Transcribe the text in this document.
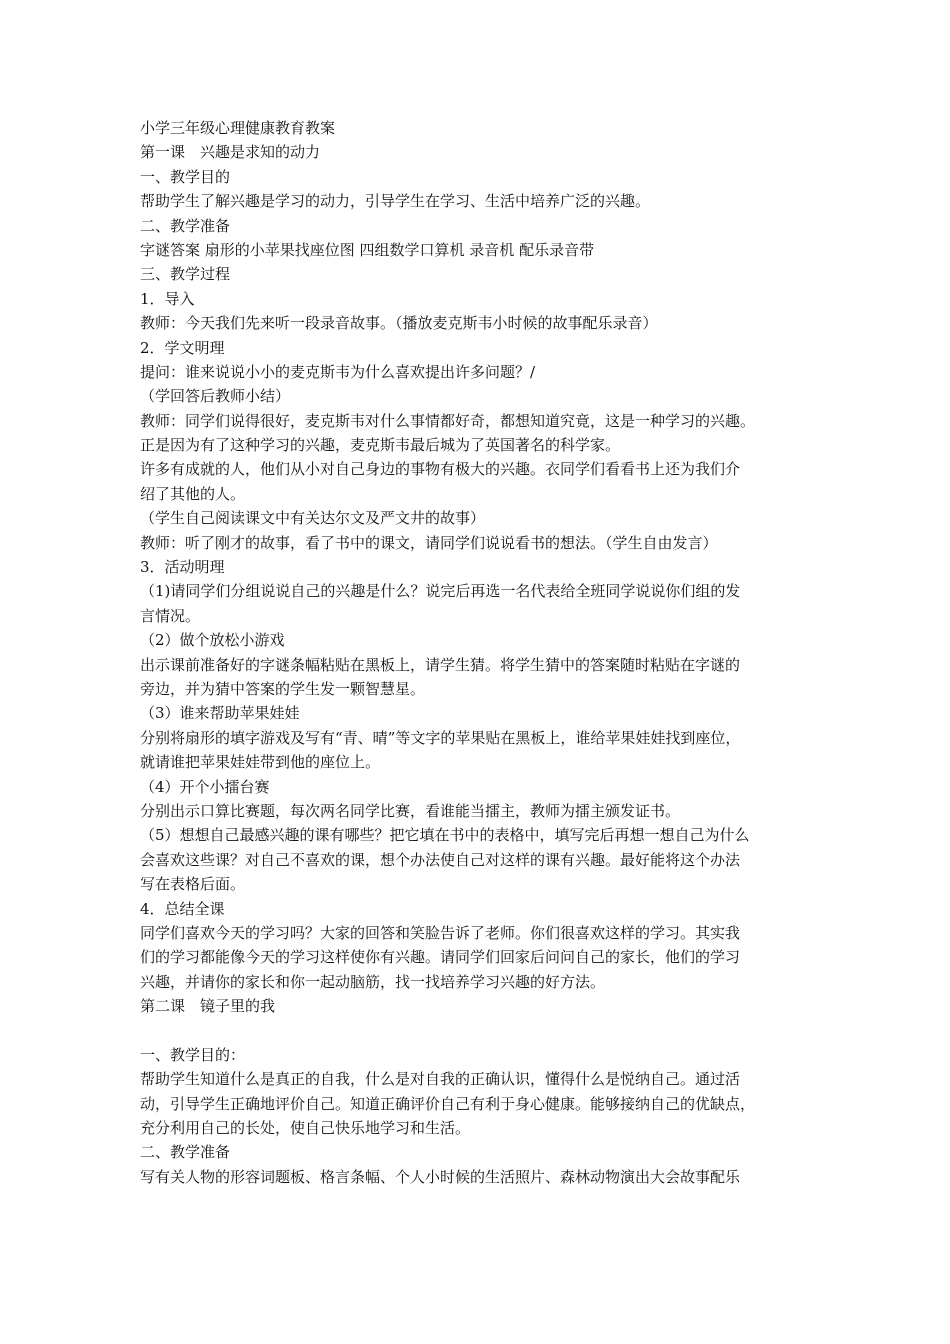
小学三年级心理健康教育教案
第一课　兴趣是求知的动力
一、教学目的
帮助学生了解兴趣是学习的动力，引导学生在学习、生活中培养广泛的兴趣。
二、教学准备
字谜答案 扇形的小苹果找座位图 四组数学口算机 录音机 配乐录音带
三、教学过程
1．导入
教师：今天我们先来听一段录音故事。（播放麦克斯韦小时候的故事配乐录音）
2．学文明理
提问：谁来说说小小的麦克斯韦为什么喜欢提出许多问题？/
（学回答后教师小结）
教师：同学们说得很好，麦克斯韦对什么事情都好奇，都想知道究竟，这是一种学习的兴趣。
正是因为有了这种学习的兴趣，麦克斯韦最后城为了英国著名的科学家。
许多有成就的人，他们从小对自己身边的事物有极大的兴趣。衣同学们看看书上还为我们介
绍了其他的人。
（学生自己阅读课文中有关达尔文及严文井的故事）
教师：听了刚才的故事，看了书中的课文，请同学们说说看书的想法。（学生自由发言）
3．活动明理
（1)请同学们分组说说自己的兴趣是什么？说完后再选一名代表给全班同学说说你们组的发
言情况。
（2）做个放松小游戏
出示课前准备好的字谜条幅粘贴在黑板上，请学生猜。将学生猜中的答案随时粘贴在字谜的
旁边，并为猜中答案的学生发一颗智慧星。
（3）谁来帮助苹果娃娃
分别将扇形的填字游戏及写有“青、晴”等文字的苹果贴在黑板上，谁给苹果娃娃找到座位，
就请谁把苹果娃娃带到他的座位上。
（4）开个小擂台赛
分别出示口算比赛题，每次两名同学比赛，看谁能当擂主，教师为擂主颁发证书。
（5）想想自己最感兴趣的课有哪些？把它填在书中的表格中，填写完后再想一想自己为什么
会喜欢这些课？对自己不喜欢的课，想个办法使自己对这样的课有兴趣。最好能将这个办法
写在表格后面。
4．总结全课
同学们喜欢今天的学习吗？大家的回答和笑脸告诉了老师。你们很喜欢这样的学习。其实我
们的学习都能像今天的学习这样使你有兴趣。请同学们回家后问问自己的家长，他们的学习
兴趣，并请你的家长和你一起动脑筋，找一找培养学习兴趣的好方法。
第二课　镜子里的我
一、教学目的：
帮助学生知道什么是真正的自我，什么是对自我的正确认识，懂得什么是悦纳自己。通过活
动，引导学生正确地评价自己。知道正确评价自己有利于身心健康。能够接纳自己的优缺点，
充分利用自己的长处，使自己快乐地学习和生活。
二、教学准备
写有关人物的形容词题板、格言条幅、个人小时候的生活照片、森林动物演出大会故事配乐
